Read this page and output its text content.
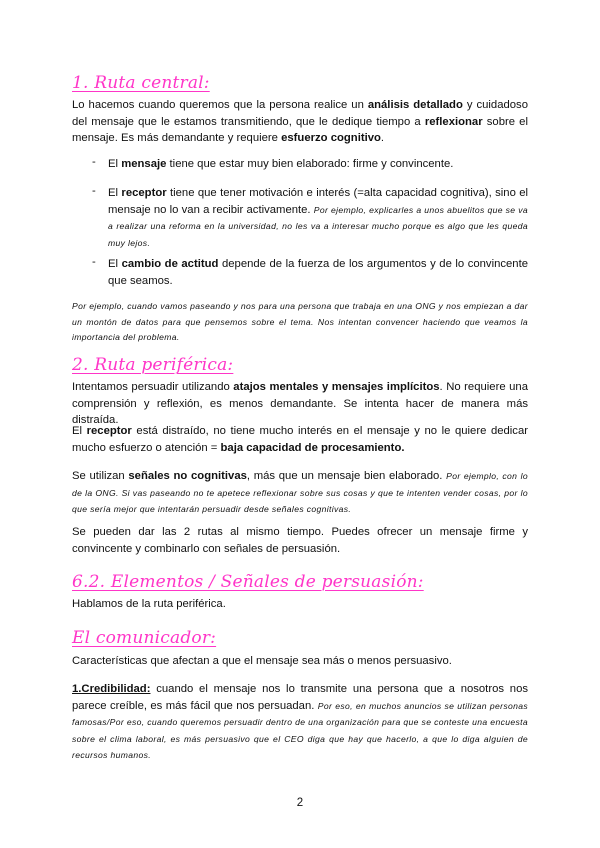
1. Ruta central:
Lo hacemos cuando queremos que la persona realice un análisis detallado y cuidadoso del mensaje que le estamos transmitiendo, que le dedique tiempo a reflexionar sobre el mensaje. Es más demandante y requiere esfuerzo cognitivo.
- El mensaje tiene que estar muy bien elaborado: firme y convincente.
- El receptor tiene que tener motivación e interés (=alta capacidad cognitiva), sino el mensaje no lo van a recibir activamente. Por ejemplo, explicarles a unos abuelitos que se va a realizar una reforma en la universidad, no les va a interesar mucho porque es algo que les queda muy lejos.
- El cambio de actitud depende de la fuerza de los argumentos y de lo convincente que seamos.
Por ejemplo, cuando vamos paseando y nos para una persona que trabaja en una ONG y nos empiezan a dar un montón de datos para que pensemos sobre el tema. Nos intentan convencer haciendo que veamos la importancia del problema.
2. Ruta periférica:
Intentamos persuadir utilizando atajos mentales y mensajes implícitos. No requiere una comprensión y reflexión, es menos demandante. Se intenta hacer de manera más distraída.
El receptor está distraído, no tiene mucho interés en el mensaje y no le quiere dedicar mucho esfuerzo o atención = baja capacidad de procesamiento.
Se utilizan señales no cognitivas, más que un mensaje bien elaborado. Por ejemplo, con lo de la ONG. Si vas paseando no te apetece reflexionar sobre sus cosas y que te intenten vender cosas, por lo que sería mejor que intentarán persuadir desde señales cognitivas.
Se pueden dar las 2 rutas al mismo tiempo. Puedes ofrecer un mensaje firme y convincente y combinarlo con señales de persuasión.
6.2. Elementos / Señales de persuasión:
Hablamos de la ruta periférica.
El comunicador:
Características que afectan a que el mensaje sea más o menos persuasivo.
1.Credibilidad: cuando el mensaje nos lo transmite una persona que a nosotros nos parece creíble, es más fácil que nos persuadan. Por eso, en muchos anuncios se utilizan personas famosas/Por eso, cuando queremos persuadir dentro de una organización para que se conteste una encuesta sobre el clima laboral, es más persuasivo que el CEO diga que hay que hacerlo, a que lo diga alguien de recursos humanos.
2
